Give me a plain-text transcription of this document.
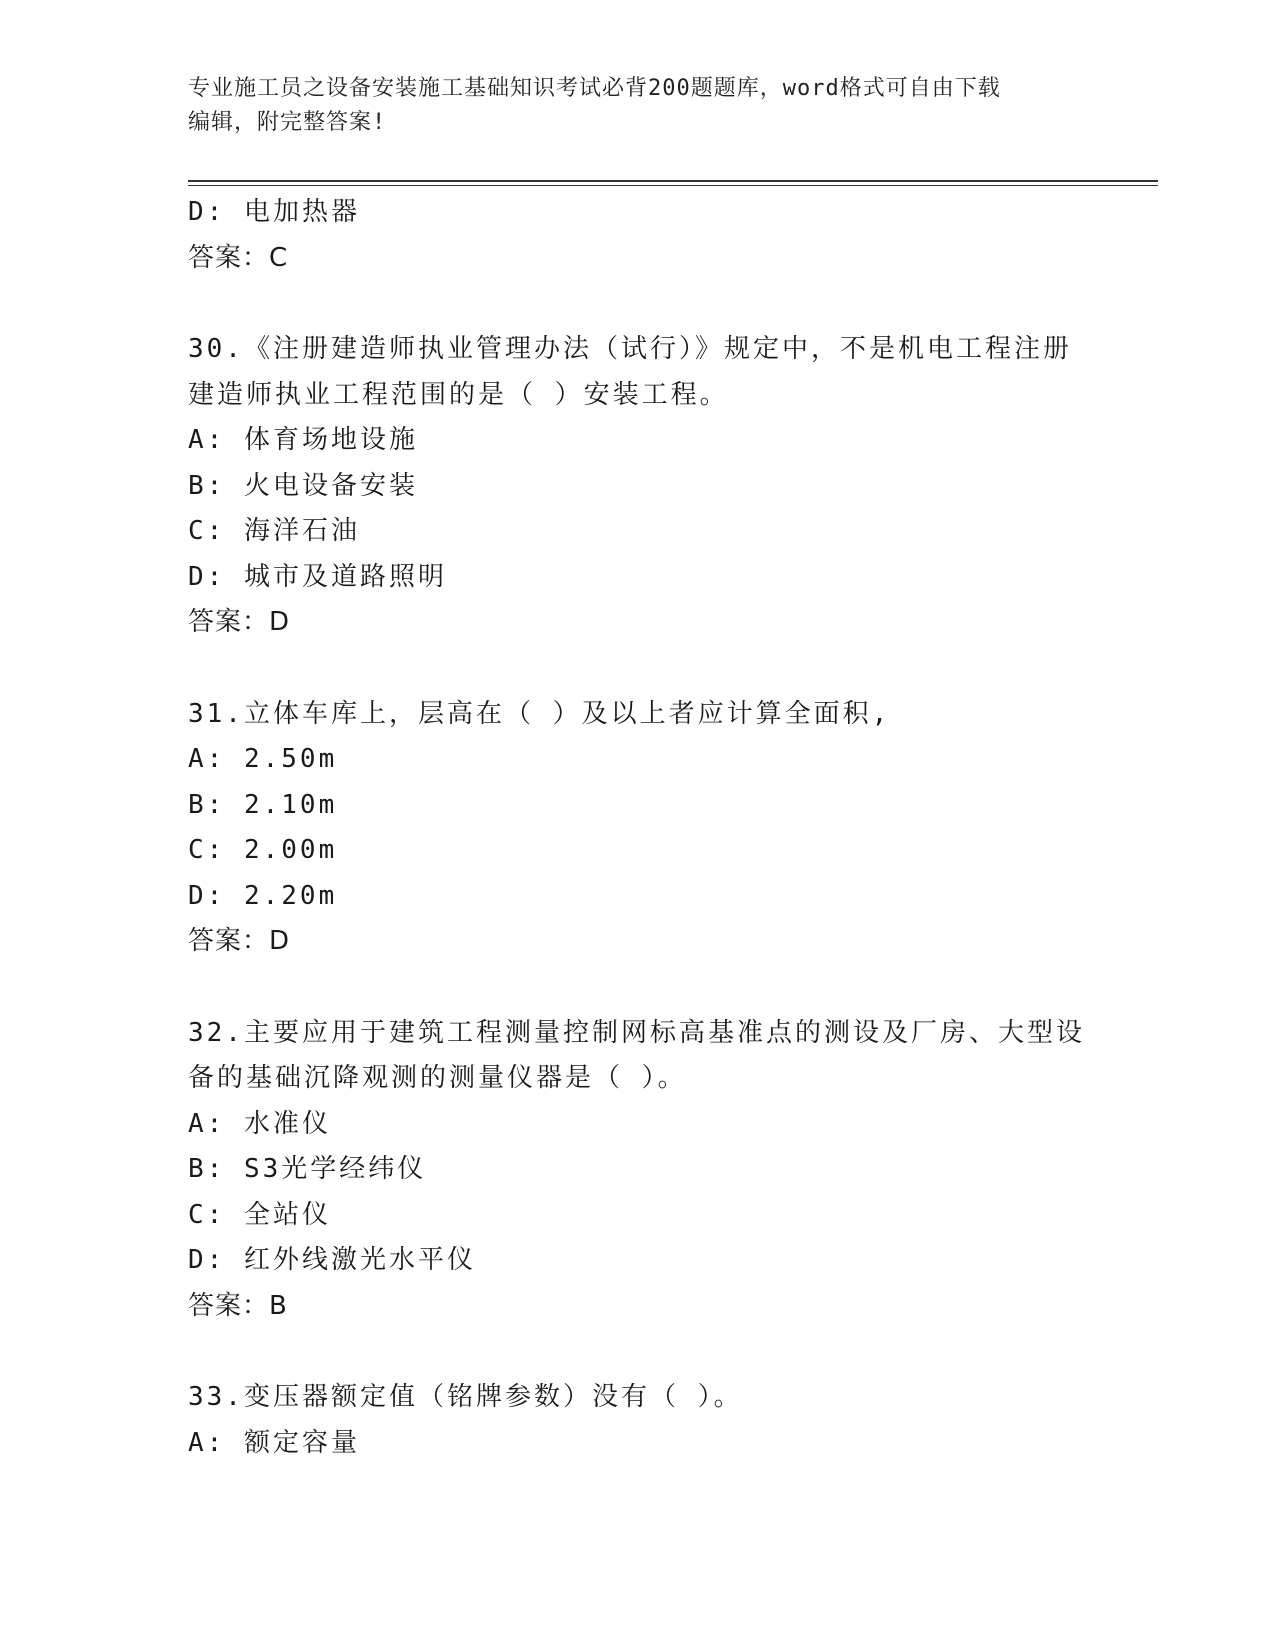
专业施工员之设备安装施工基础知识考试必背200题题库，word格式可自由下载
编辑，附完整答案!
D: 电加热器
答案：C
30.《注册建造师执业管理办法（试行）》规定中，不是机电工程注册
建造师执业工程范围的是（ ）安装工程。
A: 体育场地设施
B: 火电设备安装
C: 海洋石油
D: 城市及道路照明
答案：D
31.立体车库上，层高在（ ）及以上者应计算全面积,
A: 2.50m
B: 2.10m
C: 2.00m
D: 2.20m
答案：D
32.主要应用于建筑工程测量控制网标高基准点的测设及厂房、大型设
备的基础沉降观测的测量仪器是（ ）。
A: 水准仪
B: S3光学经纬仪
C: 全站仪
D: 红外线激光水平仪
答案：B
33.变压器额定值（铭牌参数）没有（ ）。
A: 额定容量
